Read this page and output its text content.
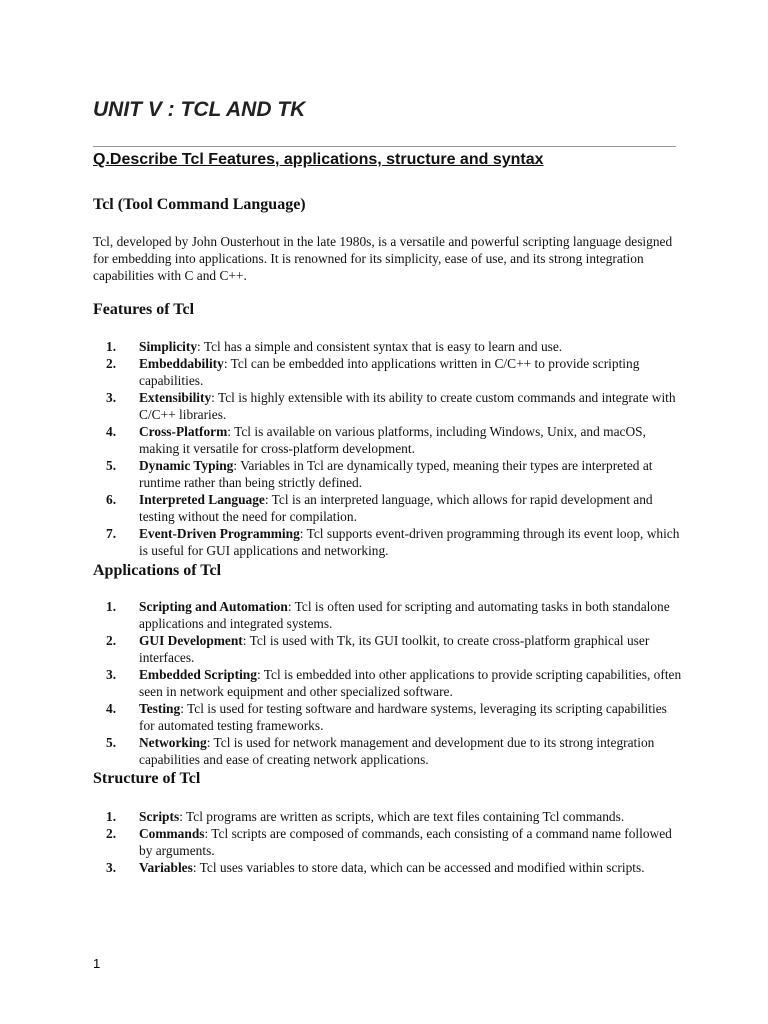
UNIT V : TCL AND TK
Q.Describe Tcl Features, applications, structure and syntax
Tcl (Tool Command Language)

Tcl, developed by John Ousterhout in the late 1980s, is a versatile and powerful scripting language designed for embedding into applications. It is renowned for its simplicity, ease of use, and its strong integration capabilities with C and C++.

Features of Tcl
1. Simplicity: Tcl has a simple and consistent syntax that is easy to learn and use.
2. Embeddability: Tcl can be embedded into applications written in C/C++ to provide scripting capabilities.
3. Extensibility: Tcl is highly extensible with its ability to create custom commands and integrate with C/C++ libraries.
4. Cross-Platform: Tcl is available on various platforms, including Windows, Unix, and macOS, making it versatile for cross-platform development.
5. Dynamic Typing: Variables in Tcl are dynamically typed, meaning their types are interpreted at runtime rather than being strictly defined.
6. Interpreted Language: Tcl is an interpreted language, which allows for rapid development and testing without the need for compilation.
7. Event-Driven Programming: Tcl supports event-driven programming through its event loop, which is useful for GUI applications and networking.
Applications of Tcl
1. Scripting and Automation: Tcl is often used for scripting and automating tasks in both standalone applications and integrated systems.
2. GUI Development: Tcl is used with Tk, its GUI toolkit, to create cross-platform graphical user interfaces.
3. Embedded Scripting: Tcl is embedded into other applications to provide scripting capabilities, often seen in network equipment and other specialized software.
4. Testing: Tcl is used for testing software and hardware systems, leveraging its scripting capabilities for automated testing frameworks.
5. Networking: Tcl is used for network management and development due to its strong integration capabilities and ease of creating network applications.
Structure of Tcl
1. Scripts: Tcl programs are written as scripts, which are text files containing Tcl commands.
2. Commands: Tcl scripts are composed of commands, each consisting of a command name followed by arguments.
3. Variables: Tcl uses variables to store data, which can be accessed and modified within scripts.

1
